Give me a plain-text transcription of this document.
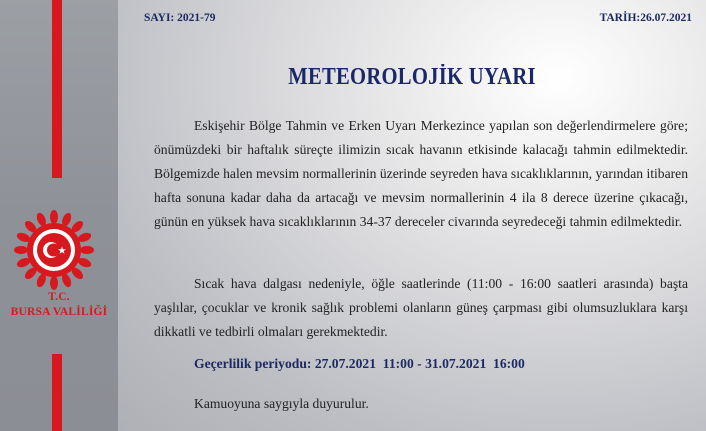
T.C.
BURSA VALİLİĞİ
SAYI: 2021-79	TARİH:26.07.2021
METEOROLOJİK UYARI

Eskişehir Bölge Tahmin ve Erken Uyarı Merkezince yapılan son değerlendirmelere göre; önümüzdeki bir haftalık süreçte ilimizin sıcak havanın etkisinde kalacağı tahmin edilmektedir. Bölgemizde halen mevsim normallerinin üzerinde seyreden hava sıcaklıklarının, yarından itibaren hafta sonuna kadar daha da artacağı ve mevsim normallerinin 4 ila 8 derece üzerine çıkacağı, günün en yüksek hava sıcaklıklarının 34-37 dereceler civarında seyredeceği tahmin edilmektedir.

Sıcak hava dalgası nedeniyle, öğle saatlerinde (11:00 - 16:00 saatleri arasında) başta yaşlılar, çocuklar ve kronik sağlık problemi olanların güneş çarpması gibi olumsuzluklara karşı dikkatli ve tedbirli olmaları gerekmektedir.

Geçerlilik periyodu: 27.07.2021  11:00 - 31.07.2021  16:00
Kamuoyuna saygıyla duyurulur.
